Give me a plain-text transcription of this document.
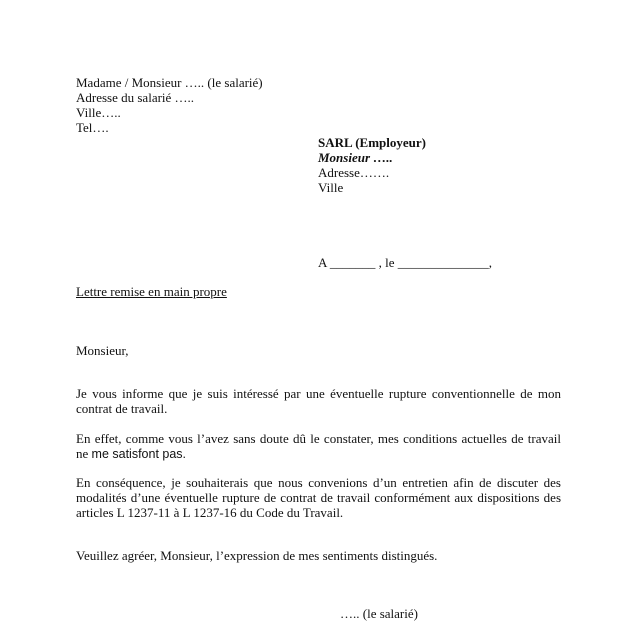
Madame / Monsieur ….. (le salarié)
Adresse du salarié …..
Ville…..
Tel….
SARL (Employeur)
Monsieur …..
Adresse…….
Ville
A _______ , le ______________,
Lettre remise en main propre
Monsieur,
Je vous informe que je suis intéressé par une éventuelle rupture conventionnelle de mon contrat de travail.
En effet, comme vous l’avez sans doute dû le constater, mes conditions actuelles de travail ne me satisfont pas.
En conséquence, je souhaiterais que nous convenions d’un entretien afin de discuter des modalités d’une éventuelle rupture de contrat de travail conformément aux dispositions des articles L 1237-11 à L 1237-16 du Code du Travail.
Veuillez agréer, Monsieur, l’expression de mes sentiments distingués.
….. (le salarié)
